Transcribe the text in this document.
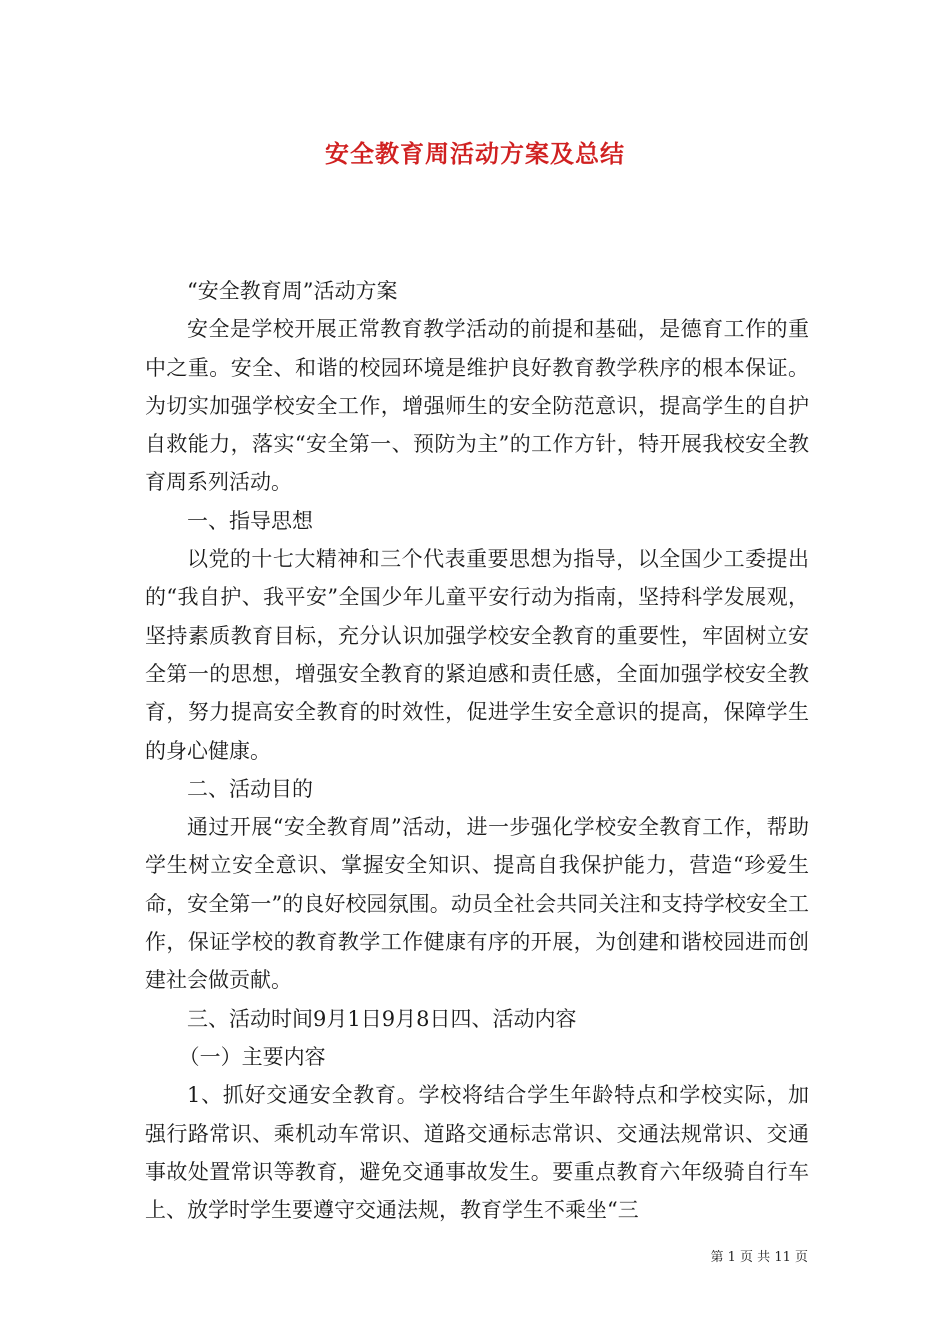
安全教育周活动方案及总结

“安全教育周”活动方案

安全是学校开展正常教育教学活动的前提和基础，是德育工作的重中之重。安全、和谐的校园环境是维护良好教育教学秩序的根本保证。为切实加强学校安全工作，增强师生的安全防范意识，提高学生的自护自救能力，落实“安全第一、预防为主”的工作方针，特开展我校安全教育周系列活动。

一、指导思想

以党的十七大精神和三个代表重要思想为指导，以全国少工委提出的“我自护、我平安”全国少年儿童平安行动为指南，坚持科学发展观，坚持素质教育目标，充分认识加强学校安全教育的重要性，牢固树立安全第一的思想，增强安全教育的紧迫感和责任感，全面加强学校安全教育，努力提高安全教育的时效性，促进学生安全意识的提高，保障学生的身心健康。

二、活动目的

通过开展“安全教育周”活动，进一步强化学校安全教育工作，帮助学生树立安全意识、掌握安全知识、提高自我保护能力，营造“珍爱生命，安全第一”的良好校园氛围。动员全社会共同关注和支持学校安全工作，保证学校的教育教学工作健康有序的开展，为创建和谐校园进而创建社会做贡献。

三、活动时间9月1日9月8日四、活动内容

（一）主要内容

1、抓好交通安全教育。学校将结合学生年龄特点和学校实际，加强行路常识、乘机动车常识、道路交通标志常识、交通法规常识、交通事故处置常识等教育，避免交通事故发生。要重点教育六年级骑自行车上、放学时学生要遵守交通法规，教育学生不乘坐“三

第 1 页 共 11 页
